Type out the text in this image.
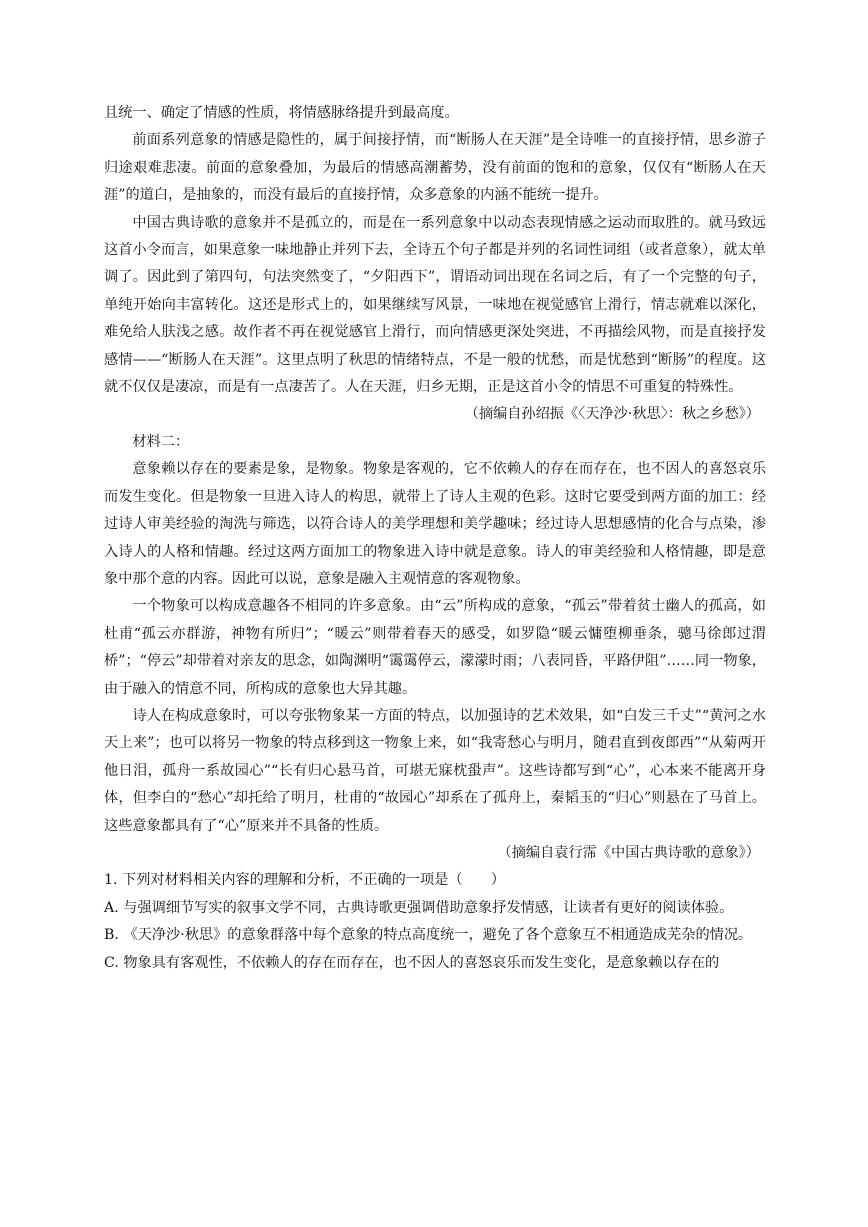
且统一、确定了情感的性质，将情感脉络提升到最高度。

前面系列意象的情感是隐性的，属于间接抒情，而“断肠人在天涯”是全诗唯一的直接抒情，思乡游子归途艰难悲凄。前面的意象叠加，为最后的情感高潮蓄势，没有前面的饱和的意象，仅仅有“断肠人在天涯”的道白，是抽象的，而没有最后的直接抒情，众多意象的内涵不能统一提升。

中国古典诗歌的意象并不是孤立的，而是在一系列意象中以动态表现情感之运动而取胜的。就马致远这首小令而言，如果意象一味地静止并列下去，全诗五个句子都是并列的名词性词组（或者意象），就太单调了。因此到了第四句，句法突然变了，“夕阳西下”，谓语动词出现在名词之后，有了一个完整的句子，单纯开始向丰富转化。这还是形式上的，如果继续写风景，一味地在视觉感官上滑行，情志就难以深化，难免给人肤浅之感。故作者不再在视觉感官上滑行，而向情感更深处突进，不再描绘风物，而是直接抒发感情——“断肠人在天涯”。这里点明了秋思的情绪特点，不是一般的忧愁，而是忧愁到“断肠”的程度。这就不仅仅是凄凉，而是有一点凄苦了。人在天涯，归乡无期，正是这首小令的情思不可重复的特殊性。

（摘编自孙绍振《〈天净沙·秋思〉：秋之乡愁》）

材料二：

意象赖以存在的要素是象，是物象。物象是客观的，它不依赖人的存在而存在，也不因人的喜怒哀乐而发生变化。但是物象一旦进入诗人的构思，就带上了诗人主观的色彩。这时它要受到两方面的加工：经过诗人审美经验的淘洗与筛选，以符合诗人的美学理想和美学趣味；经过诗人思想感情的化合与点染，渗入诗人的人格和情趣。经过这两方面加工的物象进入诗中就是意象。诗人的审美经验和人格情趣，即是意象中那个意的内容。因此可以说，意象是融入主观情意的客观物象。

一个物象可以构成意趣各不相同的许多意象。由“云”所构成的意象，“孤云”带着贫士幽人的孤高，如杜甫“孤云亦群游，神物有所归”；“暖云”则带着春天的感受，如罗隐“暖云慵堕柳垂条，骢马徐郎过渭桥”；“停云”却带着对亲友的思念，如陶渊明“霭霭停云，濛濛时雨；八表同昏，平路伊阻”……同一物象，由于融入的情意不同，所构成的意象也大异其趣。

诗人在构成意象时，可以夸张物象某一方面的特点，以加强诗的艺术效果，如“白发三千丈”“黄河之水天上来”；也可以将另一物象的特点移到这一物象上来，如“我寄愁心与明月，随君直到夜郎西”“从菊两开他日泪，孤舟一系故园心”“长有归心悬马首，可堪无寐枕蛩声”。这些诗都写到“心”，心本来不能离开身体，但李白的“愁心”却托给了明月，杜甫的“故园心”却系在了孤舟上，秦韬玉的“归心”则悬在了马首上。这些意象都具有了“心”原来并不具备的性质。

（摘编自袁行霈《中国古典诗歌的意象》）

1. 下列对材料相关内容的理解和分析，不正确的一项是（　　）

A. 与强调细节写实的叙事文学不同，古典诗歌更强调借助意象抒发情感，让读者有更好的阅读体验。

B. 《天净沙·秋思》的意象群落中每个意象的特点高度统一，避免了各个意象互不相通造成芜杂的情况。

C. 物象具有客观性，不依赖人的存在而存在，也不因人的喜怒哀乐而发生变化，是意象赖以存在的
